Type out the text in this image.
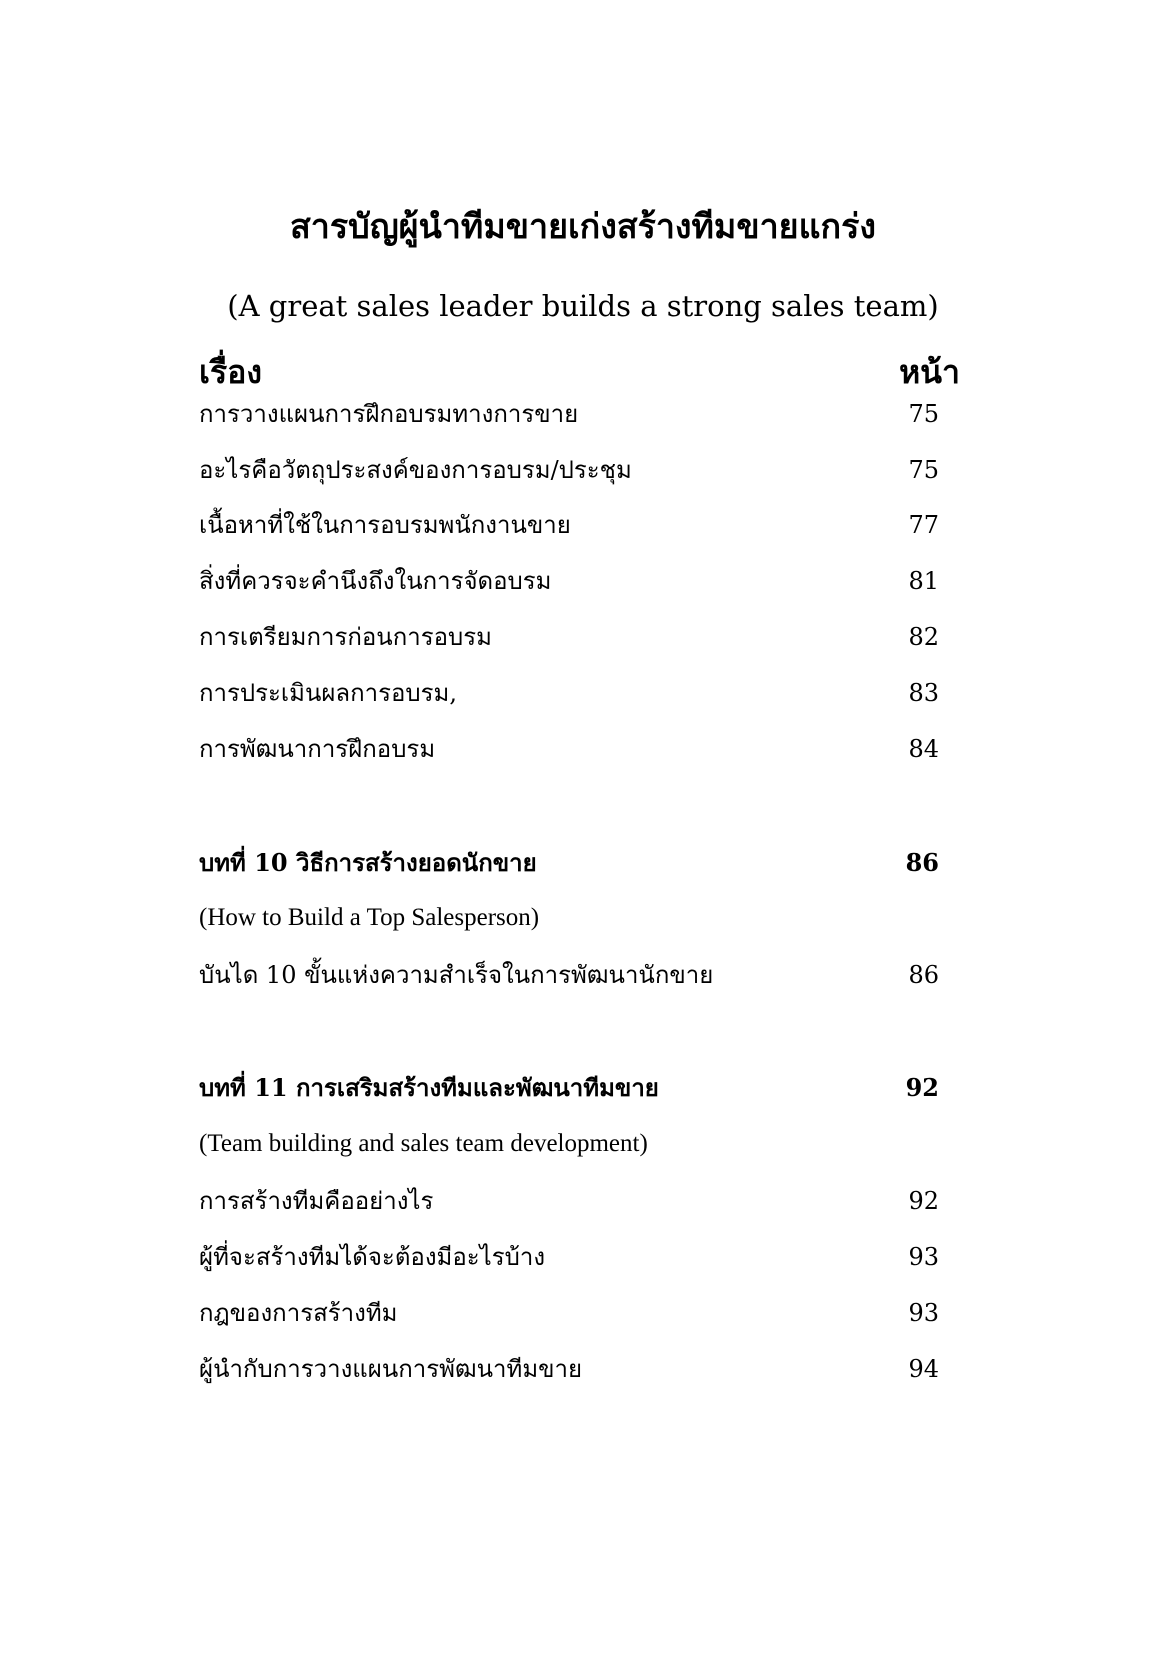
สารบัญผู้นำทีมขายเก่งสร้างทีมขายแกร่ง
(A great sales leader builds a strong sales team)
เรื่อง	หน้า
การวางแผนการฝึกอบรมทางการขาย	75
อะไรคือวัตถุประสงค์ของการอบรม/ประชุม	75
เนื้อหาที่ใช้ในการอบรมพนักงานขาย	77
สิ่งที่ควรจะคำนึงถึงในการจัดอบรม	81
การเตรียมการก่อนการอบรม	82
การประเมินผลการอบรม,	83
การพัฒนาการฝึกอบรม	84
บทที่ 10 วิธีการสร้างยอดนักขาย	86
(How to Build a Top Salesperson)
บันได 10 ขั้นแห่งความสำเร็จในการพัฒนานักขาย	86
บทที่ 11 การเสริมสร้างทีมและพัฒนาทีมขาย	92
(Team building and sales team development)
การสร้างทีมคืออย่างไร	92
ผู้ที่จะสร้างทีมได้จะต้องมีอะไรบ้าง	93
กฎของการสร้างทีม	93
ผู้นำกับการวางแผนการพัฒนาทีมขาย	94
